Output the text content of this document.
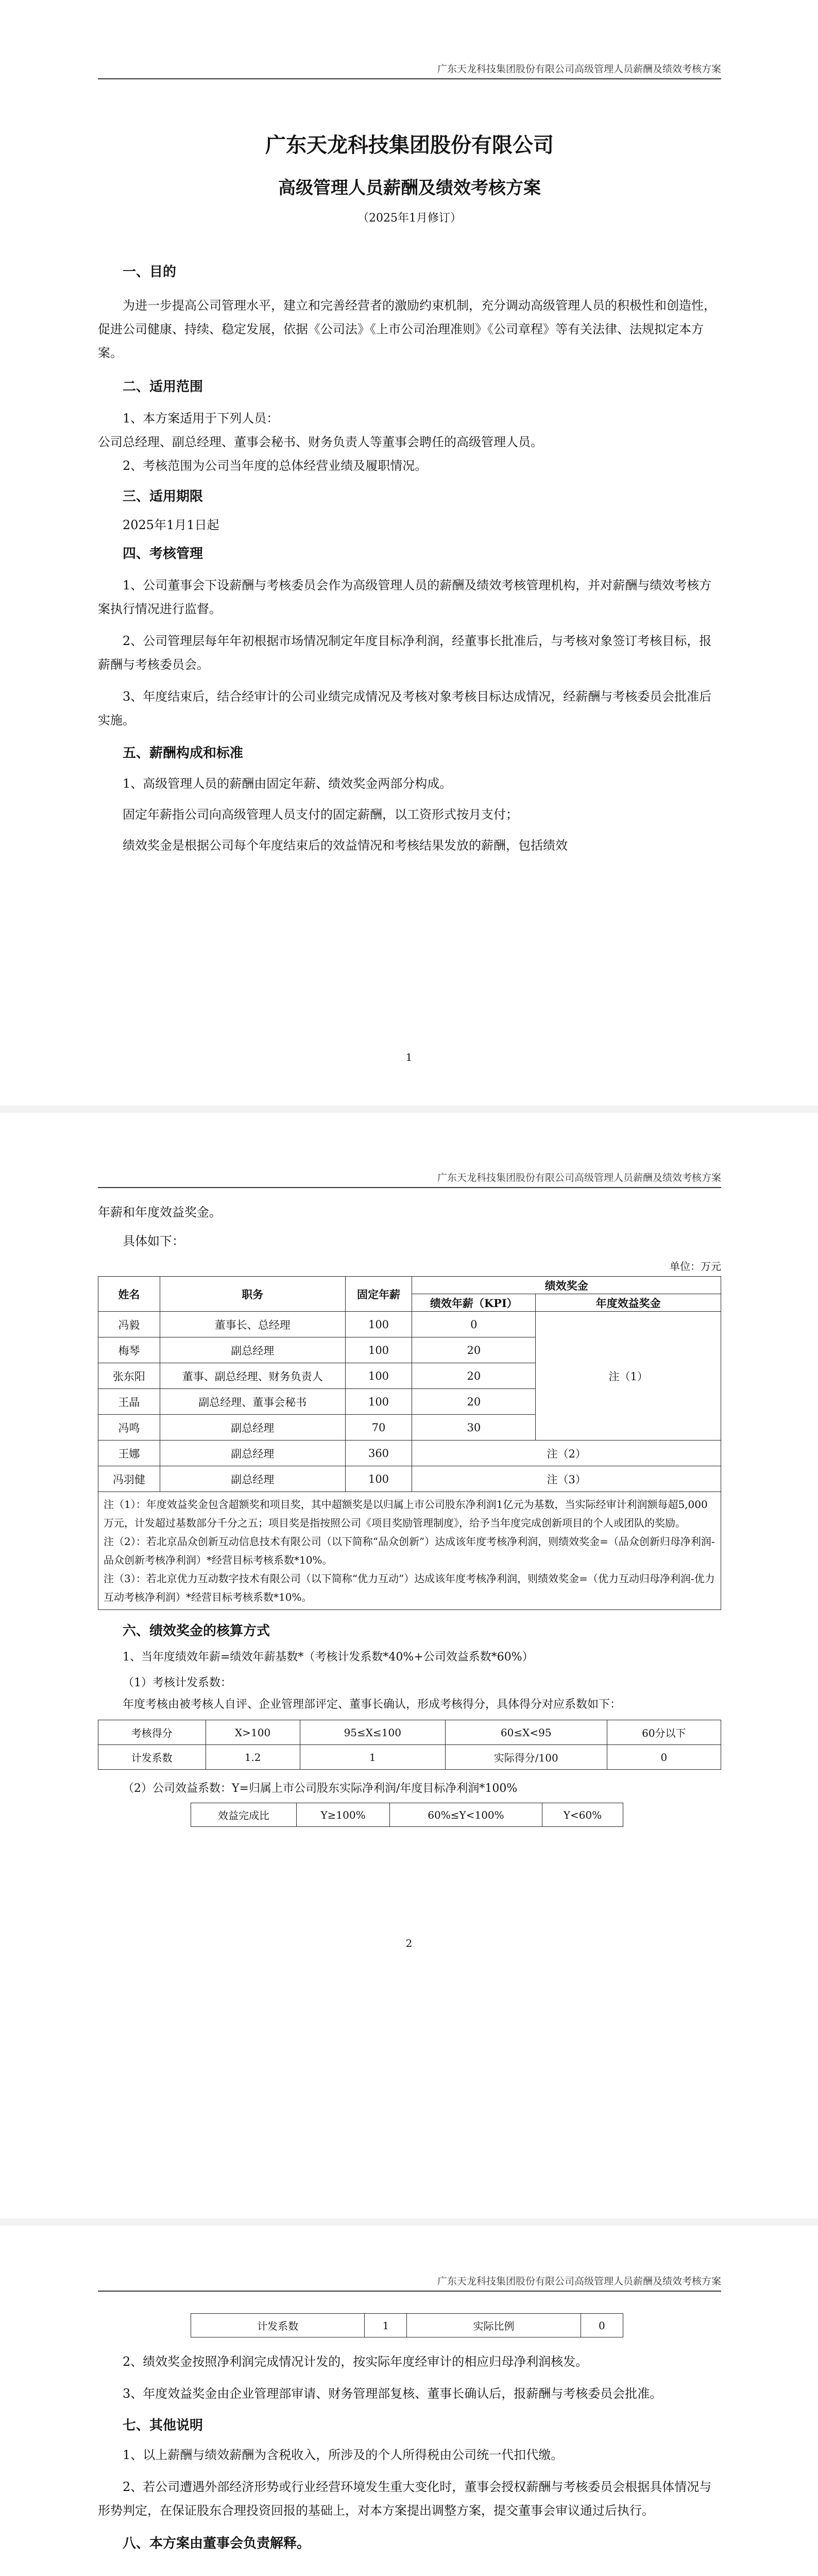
广东天龙科技集团股份有限公司高级管理人员薪酬及绩效考核方案
广东天龙科技集团股份有限公司
高级管理人员薪酬及绩效考核方案
（2025年1月修订）
一、目的

为进一步提高公司管理水平，建立和完善经营者的激励约束机制，充分调动高级管理人员的积极性和创造性，促进公司健康、持续、稳定发展，依据《公司法》《上市公司治理准则》《公司章程》等有关法律、法规拟定本方案。

二、适用范围

1、本方案适用于下列人员：

公司总经理、副总经理、董事会秘书、财务负责人等董事会聘任的高级管理人员。

2、考核范围为公司当年度的总体经营业绩及履职情况。

三、适用期限

2025年1月1日起

四、考核管理

1、公司董事会下设薪酬与考核委员会作为高级管理人员的薪酬及绩效考核管理机构，并对薪酬与绩效考核方案执行情况进行监督。

2、公司管理层每年年初根据市场情况制定年度目标净利润，经董事长批准后，与考核对象签订考核目标，报薪酬与考核委员会。

3、年度结束后，结合经审计的公司业绩完成情况及考核对象考核目标达成情况，经薪酬与考核委员会批准后实施。

五、薪酬构成和标准

1、高级管理人员的薪酬由固定年薪、绩效奖金两部分构成。

固定年薪指公司向高级管理人员支付的固定薪酬，以工资形式按月支付；

绩效奖金是根据公司每个年度结束后的效益情况和考核结果发放的薪酬，包括绩效

1
广东天龙科技集团股份有限公司高级管理人员薪酬及绩效考核方案

年薪和年度效益奖金。

具体如下：

单位：万元
姓名	职务	固定年薪	绩效奖金	
			绩效年薪（KPI）	年度效益奖金
冯毅	董事长、总经理	100	0	注（1）
梅琴	副总经理	100	20	
张东阳	董事、副总经理、财务负责人	100	20	
王晶	副总经理、董事会秘书	100	20	
冯鸣	副总经理	70	30	
王娜	副总经理	360	注（2）	
冯羽健	副总经理	100	注（3）	

注（1）：年度效益奖金包含超额奖和项目奖，其中超额奖是以归属上市公司股东净利润1亿元为基数，当实际经审计利润额每超5,000万元，计发超过基数部分千分之五；项目奖是指按照公司《项目奖励管理制度》，给予当年度完成创新项目的个人或团队的奖励。
注（2）：若北京品众创新互动信息技术有限公司（以下简称“品众创新”）达成该年度考核净利润，则绩效奖金=（品众创新归母净利润-品众创新考核净利润）*经营目标考核系数*10%。
注（3）：若北京优力互动数字技术有限公司（以下简称“优力互动”）达成该年度考核净利润，则绩效奖金=（优力互动归母净利润-优力互动考核净利润）*经营目标考核系数*10%。				
六、绩效奖金的核算方式

1、当年度绩效年薪=绩效年薪基数*（考核计发系数*40%+公司效益系数*60%）

（1）考核计发系数：

年度考核由被考核人自评、企业管理部评定、董事长确认，形成考核得分，具体得分对应系数如下：

考核得分	X>100	95≤X≤100	60≤X<95	60分以下
计发系数	1.2	1	实际得分/100	0

（2）公司效益系数：Y=归属上市公司股东实际净利润/年度目标净利润*100%

效益完成比	Y≥100%	60%≤Y<100%	Y<60%
2
广东天龙科技集团股份有限公司高级管理人员薪酬及绩效考核方案
计发系数	1	实际比例	0

2、绩效奖金按照净利润完成情况计发的，按实际年度经审计的相应归母净利润核发。

3、年度效益奖金由企业管理部审请、财务管理部复核、董事长确认后，报薪酬与考核委员会批准。

七、其他说明

1、以上薪酬与绩效薪酬为含税收入，所涉及的个人所得税由公司统一代扣代缴。

2、若公司遭遇外部经济形势或行业经营环境发生重大变化时，董事会授权薪酬与考核委员会根据具体情况与形势判定，在保证股东合理投资回报的基础上，对本方案提出调整方案，提交董事会审议通过后执行。

八、本方案由董事会负责解释。
